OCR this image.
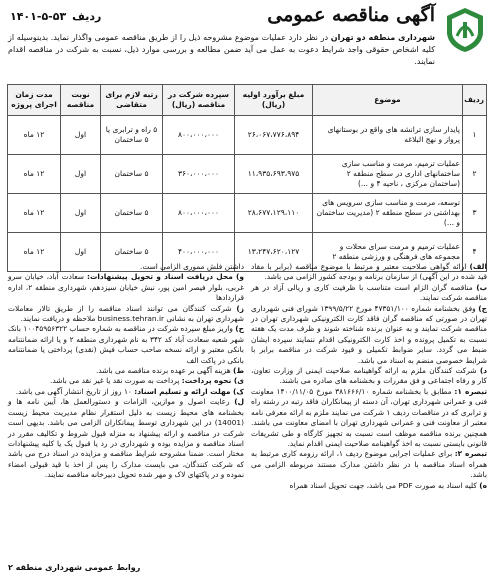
آگهی مناقصه عمومی
ردیف۵۳-۵-۱۴۰۱
شهرداری منطقه دو تهران در نظر دارد عملیات موضوع مشروحه ذیل را از طریق مناقصه عمومی واگذار نماید. بدینوسیله از کلیه اشخاص حقوقی واجد شرایط دعوت به عمل می آید ضمن مطالعه و بررسی موارد ذیل، نسبت به شرکت در مناقصه اقدام نمایند.
ردیف	موضوع	مبلغ برآورد اولیه (ریال)	سپرده شرکت در مناقصه (ریال)	رتبه لازم برای متقاضی	نوبت مناقصه	مدت زمان اجرای پروژه
۱	پایدار سازی ترانشه های واقع در بوستانهای پرواز و نهج البلاغه	۲۶،۰۶۷،۷۷۶،۸۹۴	۸۰۰،۰۰۰،۰۰۰	۵ راه و ترابری یا ۵ ساختمان	اول	۱۲ ماه
۲	عملیات ترمیم، مرمت و مناسب سازی ساختمانهای اداری در سطح منطقه ۲ (ساختمان مرکزی ، ناحیه ۴ و ...)	۱۱،۹۳۵،۶۹۳،۹۷۵	۳۶۰،۰۰۰،۰۰۰	۵ ساختمان	اول	۱۲ ماه
۳	توسعه، مرمت و مناسب سازی سرویس های بهداشتی در سطح منطقه ۲ (مدیریت ساختمان و ...)	۲۸،۶۷۷،۱۲۹،۱۱۰	۸۰۰،۰۰۰،۰۰۰	۵ ساختمان	اول	۱۲ ماه
۴	عملیات ترمیم و مرمت سرای محلات و مجموعه های فرهنگی و ورزشی منطقه ۲	۱۳،۲۴۷،۶۲۰،۱۲۷	۴۰۰،۰۰۰،۰۰۰	۵ ساختمان	اول	۱۲ ماه

الف) ارائه گواهی صلاحیت معتبر و مرتبط با موضوع مناقصه (برابر با مفاد قید شده در این آگهی) از سازمان برنامه و بودجه کشور الزامی می باشد.

ب) مناقصه گران الزام است متناسب با ظرفیت کاری و ریالی آزاد در هر مناقصه شرکت نمایند.

ج) وفق بخشنامه شماره ۴۷۳۵۱/۱۰۰ مورخ ۱۳۹۹/۵/۲۲ شورای فنی شهرداری تهران در صورتی که مناقصه گران فاقد کارت الکترونیکی شهرداری تهران در مناقصه شرکت نمایند و به عنوان برنده شناخته شوند و ظرف مدت یک هفته نسبت به تکمیل پرونده و اخذ کارت الکترونیکی اقدام ننمایند سپرده ایشان ضبط می گردد. سایر ضوابط تکمیلی و قیود شرکت در مناقصه برابر با شرایط خصوصی منضم به اسناد می باشد.

د) شرکت کنندگان ملزم به ارائه گواهینامه صلاحیت ایمنی از وزارت تعاون، کار و رفاه اجتماعی و فق مقررات و بخشنامه های صادره می باشند.

تبصره ۱: مطابق با بخشنامه شماره ۳۸۱۶۶۶/۱۰ مورخ ۱۴۰۰/۱۱/۰۵ معاونت فنی و عمرانی شهرداری تهران، آن دسته از پیمانکاران فاقد رتبه در رشته راه و ترابری که در مناقصات ردیف ۱ شرکت می نمایند ملزم به ارائه معرفی نامه معتبر از معاونت فنی و عمرانی شهرداری تهران با امضای معاونت می باشند. همچنین برنده مناقصه موظف است نسبت به تجهیز کارگاه و طی تشریفات قانونی بایستی نسبت به اخذ گواهینامه صلاحیت ایمنی اقدام نماید.

تبصره ۲: برای عملیات اجرایی موضوع ردیف ۱، ارائه رزومه کاری مرتبط به همراه اسناد مناقصه با در نظر داشتن مدارک مستند مربوطه الزامی می باشد.

ه) کلیه اسناد به صورت PDF می باشد، جهت تحویل اسناد همراه

داشتن فلش مموری الزامی است.

و) محل دریافت اسناد و تحویل پیشنهادات: سعادت آباد، خیابان سرو غربی، بلوار فیصر امین پور، نبش خیابان سیزدهم، شهرداری منطقه ۲، اداره قراردادها

ز) شرکت کنندگان می توانند اسناد مناقصه را از طریق تالار معاملات شهرداری تهران به نشانی business.tehran.ir ملاحظه و دریافت نمایند.

ح) واریز مبلغ سپرده شرکت در مناقصه به شماره حساب ۱۰۰۴۵۹۵۶۳۲۲ بانک شهر شعبه سعادت آباد کد ۳۴۲ به نام شهرداری منطقه ۲ و یا ارائه ضمانتنامه بانکی معتبر و ارائه نسخه صاحب حساب فیش (نقدی) پرداختی یا ضمانتنامه بانکی در پاکت الف

ط) هزینه آگهی بر عهده برنده مناقصه می باشد.

ی) نحوه پرداخت: پرداخت به صورت نقد یا غیر نقد می باشد.

ک) مهلت ارائه و تسلیم اسناد: ۱۰ روز از تاریخ انتشار آگهی می باشد.

ل) رعایت اصول و موازین، الزامات و دستورالعمل ها، آیین نامه ها و بخشنامه های محیط زیست به دلیل استقرار نظام مدیریت محیط زیست (14001) در این شهرداری توسط پیمانکاران الزامی می باشد. بدیهی است شرکت در مناقصه و ارائه پیشنهاد به منزله قبول شروط و تکالیف مقرر در اسناد مناقصه و مزایده بوده و شهرداری در رد یا قبول یک یا کلیه پیشنهادات مختار است. ضمنا مشروحه شرایط مناقصه و مزایده در اسناد درج می باشد که شرکت کنندگان، می بایست مدارک را پس از اخذ با قید قبولی امضاء نموده و در پاکتهای لاک و مهر شده تحویل دبیرخانه مناقصه نمایند.

روابط عمومی شهرداری منطقه ۲
